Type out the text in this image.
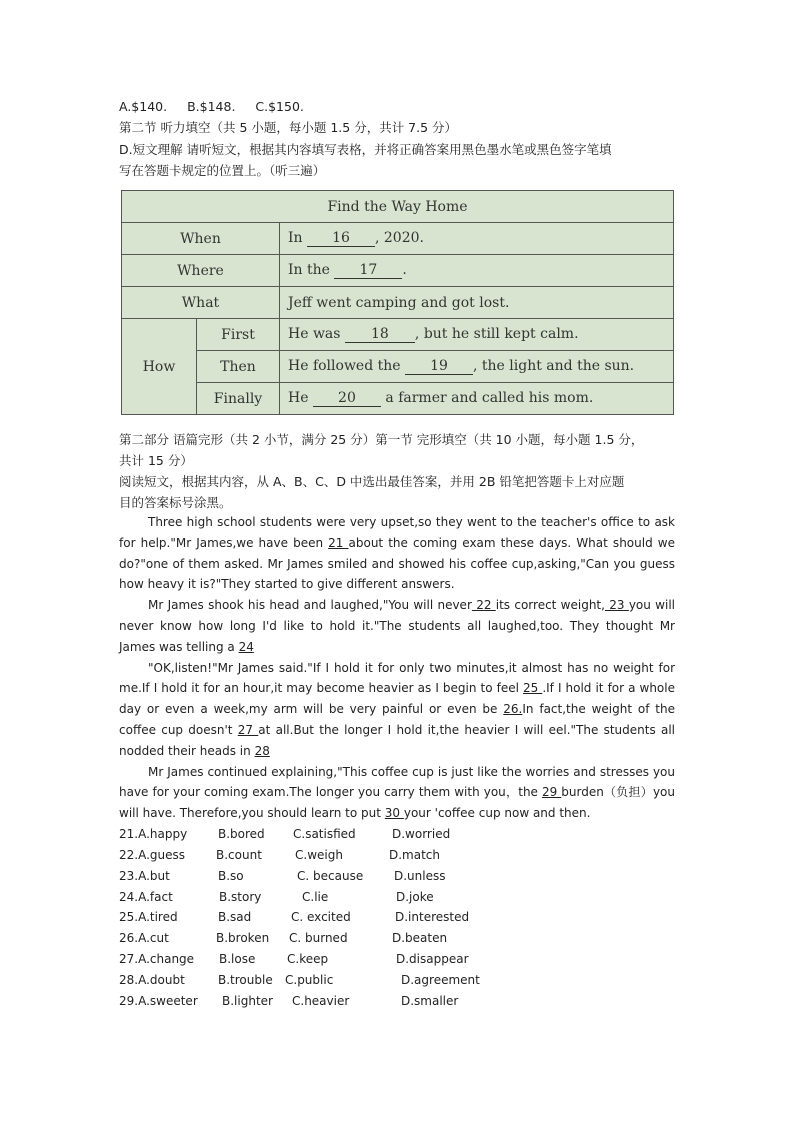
A.$140. B.$148. C.$150.
第二节 听力填空（共 5 小题，每小题 1.5 分，共计 7.5 分）
D.短文理解 请听短文，根据其内容填写表格，并将正确答案用黑色墨水笔或黑色签字笔填
写在答题卡规定的位置上。（听三遍）
Find the Way Home		
When		In 16 , 2020.
Where		In the 17 .
What		Jeff went camping and got lost.
How	First	He was 18 , but he still kept calm.
	Then	He followed the 19 , the light and the sun.
	Finally	He 20 a farmer and called his mom.
第二部分 语篇完形（共 2 小节，满分 25 分）第一节 完形填空（共 10 小题，每小题 1.5 分，
共计 15 分）
阅读短文，根据其内容，从 A、B、C、D 中选出最佳答案，并用 2B 铅笔把答题卡上对应题
目的答案标号涂黑。

Three high school students were very upset,so they went to the teacher's office to ask for help."Mr James,we have been 21 about the coming exam these days. What should we do?"one of them asked. Mr James smiled and showed his coffee cup,asking,"Can you guess how heavy it is?"They started to give different answers.

Mr James shook his head and laughed,"You will never 22 its correct weight, 23 you will never know how long I'd like to hold it."The students all laughed,too. They thought Mr James was telling a 24

"OK,listen!"Mr James said."If I hold it for only two minutes,it almost has no weight for me.If I hold it for an hour,it may become heavier as I begin to feel 25 .If I hold it for a whole day or even a week,my arm will be very painful or even be 26.In fact,the weight of the coffee cup doesn't 27 at all.But the longer I hold it,the heavier I will eel."The students all nodded their heads in 28

Mr James continued explaining,"This coffee cup is just like the worries and stresses you have for your coming exam.The longer you carry them with you，the 29 burden（负担）you will have. Therefore,you should learn to put 30 your 'coffee cup now and then.

21.A.happy	B.bored C.satisfied	D.worried
22.A.guess	B.count	C.weigh	D.match
23.A.but	B.so	C. because	D.unless
24.A.fact	B.story	C.lie	D.joke
25.A.tired	B.sad	C. excited	D.interested
26.A.cut	B.broken C. burned	D.beaten
27.A.change B.lose	C.keep	D.disappear
28.A.doubt	B.trouble C.public	D.agreement
29.A.sweeter B.lighter C.heavier	D.smaller
